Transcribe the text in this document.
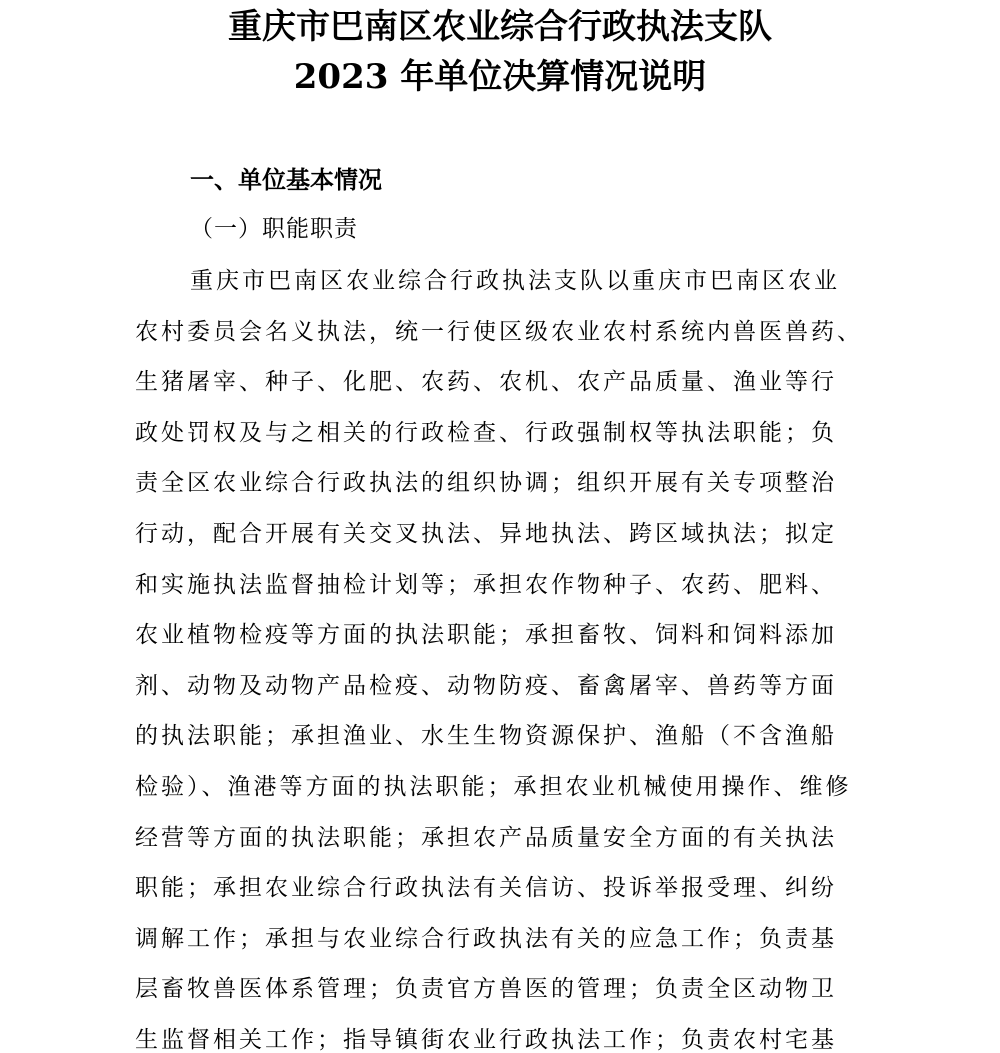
重庆市巴南区农业综合行政执法支队
2023 年单位决算情况说明
一、单位基本情况
（一）职能职责
重庆市巴南区农业综合行政执法支队以重庆市巴南区农业
农村委员会名义执法，统一行使区级农业农村系统内兽医兽药、
生猪屠宰、种子、化肥、农药、农机、农产品质量、渔业等行
政处罚权及与之相关的行政检查、行政强制权等执法职能；负
责全区农业综合行政执法的组织协调；组织开展有关专项整治
行动，配合开展有关交叉执法、异地执法、跨区域执法；拟定
和实施执法监督抽检计划等；承担农作物种子、农药、肥料、
农业植物检疫等方面的执法职能；承担畜牧、饲料和饲料添加
剂、动物及动物产品检疫、动物防疫、畜禽屠宰、兽药等方面
的执法职能；承担渔业、水生生物资源保护、渔船（不含渔船
检验）、渔港等方面的执法职能；承担农业机械使用操作、维修
经营等方面的执法职能；承担农产品质量安全方面的有关执法
职能；承担农业综合行政执法有关信访、投诉举报受理、纠纷
调解工作；承担与农业综合行政执法有关的应急工作；负责基
层畜牧兽医体系管理；负责官方兽医的管理；负责全区动物卫
生监督相关工作；指导镇街农业行政执法工作；负责农村宅基
